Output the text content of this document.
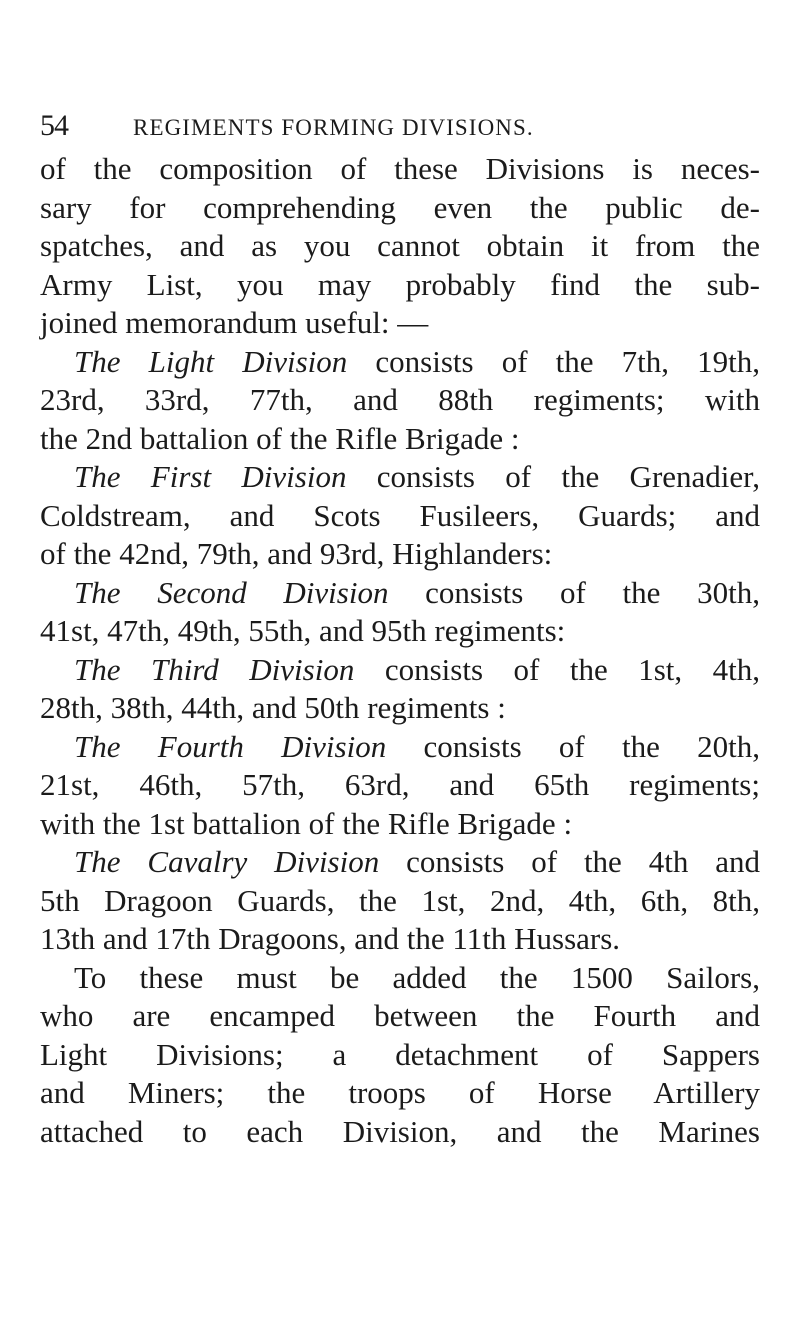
54	REGIMENTS FORMING DIVISIONS.
of the composition of these Divisions is neces-
sary for comprehending even the public de-
spatches, and as you cannot obtain it from the
Army List, you may probably find the sub-
joined memorandum useful: —
The Light Division consists of the 7th, 19th,
23rd, 33rd, 77th, and 88th regiments; with
the 2nd battalion of the Rifle Brigade :
The First Division consists of the Grenadier,
Coldstream, and Scots Fusileers, Guards; and
of the 42nd, 79th, and 93rd, Highlanders:
The Second Division consists of the 30th,
41st, 47th, 49th, 55th, and 95th regiments:
The Third Division consists of the 1st, 4th,
28th, 38th, 44th, and 50th regiments :
The Fourth Division consists of the 20th,
21st, 46th, 57th, 63rd, and 65th regiments;
with the 1st battalion of the Rifle Brigade :
The Cavalry Division consists of the 4th and
5th Dragoon Guards, the 1st, 2nd, 4th, 6th, 8th,
13th and 17th Dragoons, and the 11th Hussars.
To these must be added the 1500 Sailors,
who are encamped between the Fourth and
Light Divisions; a detachment of Sappers
and Miners; the troops of Horse Artillery
attached to each Division, and the Marines
